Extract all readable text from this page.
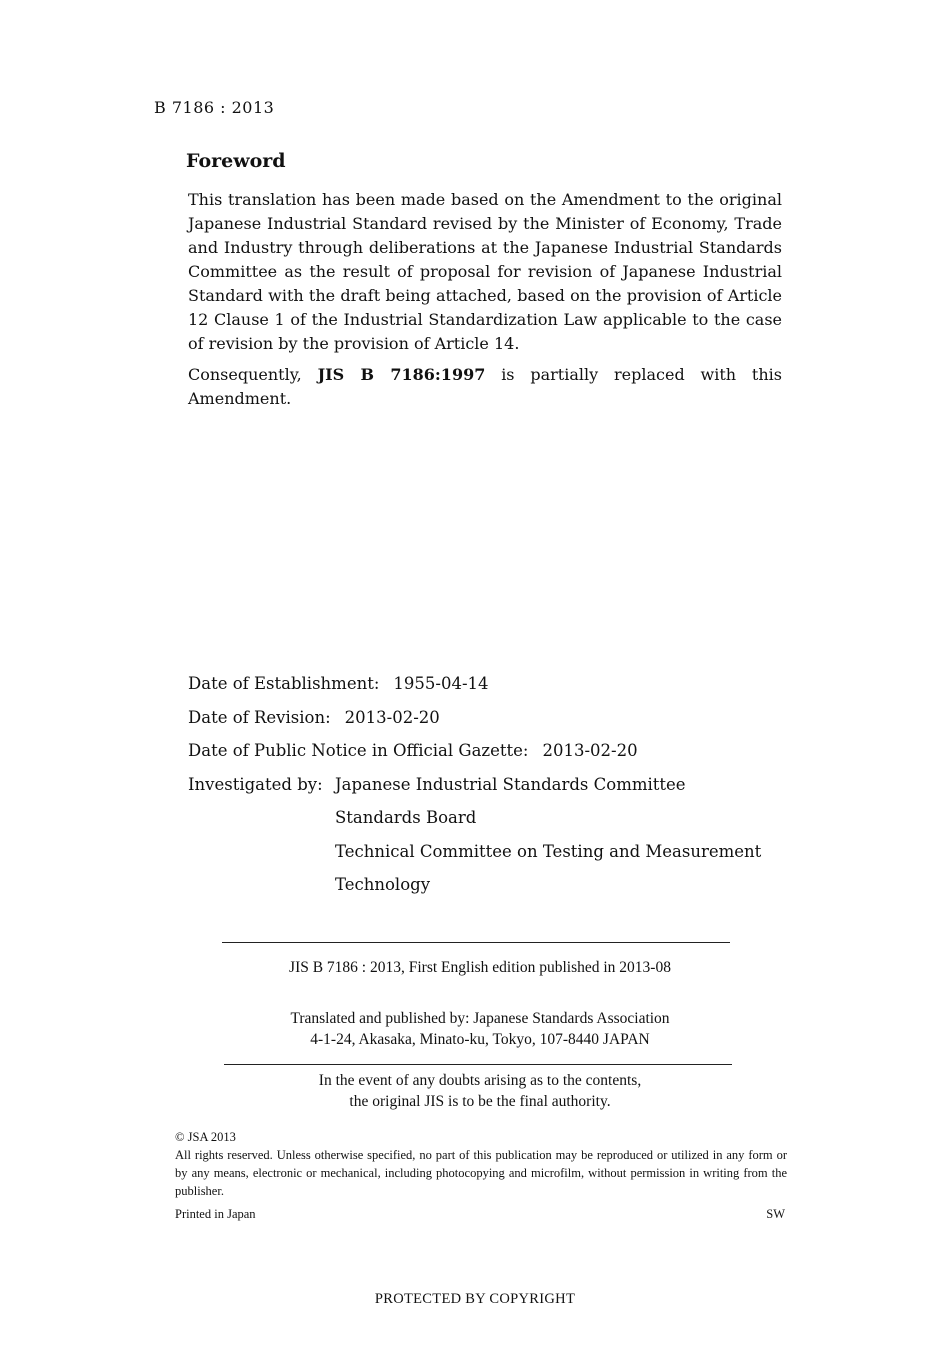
B 7186 : 2013
Foreword

This translation has been made based on the Amendment to the original Japanese Industrial Standard revised by the Minister of Economy, Trade and Industry through deliberations at the Japanese Industrial Standards Committee as the result of proposal for revision of Japanese Industrial Standard with the draft being attached, based on the provision of Article 12 Clause 1 of the Industrial Standardization Law applicable to the case of revision by the provision of Article 14.

Consequently, JIS B 7186:1997 is partially replaced with this Amendment.

Date of Establishment: 1955-04-14
Date of Revision: 2013-02-20
Date of Public Notice in Official Gazette: 2013-02-20
Investigated by: Japanese Industrial Standards Committee
Standards Board
Technical Committee on Testing and Measurement
Technology
JIS B 7186 : 2013, First English edition published in 2013-08
Translated and published by: Japanese Standards Association
4-1-24, Akasaka, Minato-ku, Tokyo, 107-8440 JAPAN
In the event of any doubts arising as to the contents,
the original JIS is to be the final authority.

© JSA 2013

All rights reserved. Unless otherwise specified, no part of this publication may be reproduced or utilized in any form or by any means, electronic or mechanical, including photocopying and microfilm, without permission in writing from the publisher.

Printed in Japan	SW
PROTECTED BY COPYRIGHT
